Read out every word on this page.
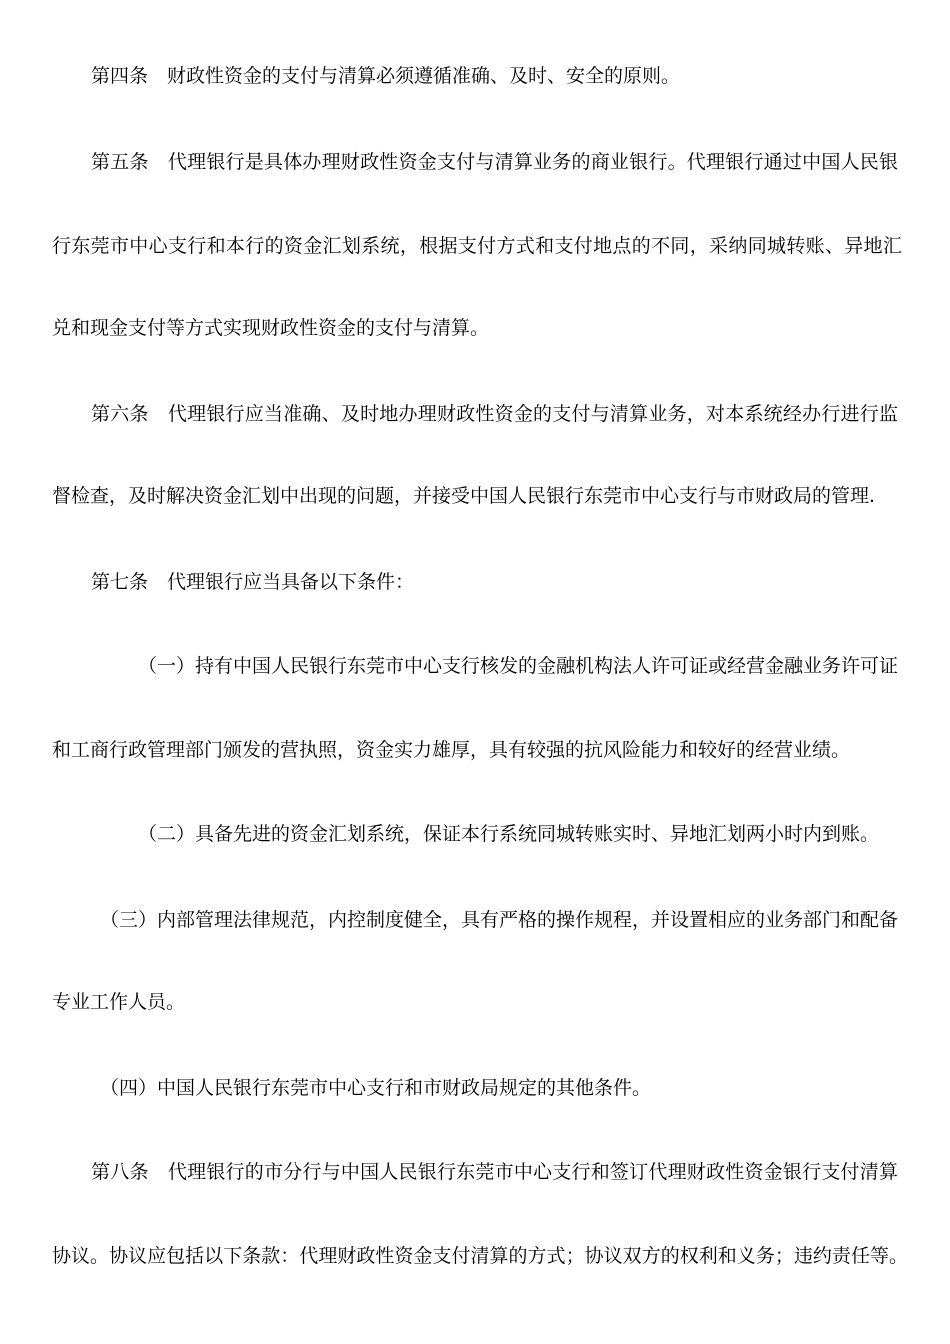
第四条　财政性资金的支付与清算必须遵循准确、及时、安全的原则。
第五条　代理银行是具体办理财政性资金支付与清算业务的商业银行。代理银行通过中国人民银
行东莞市中心支行和本行的资金汇划系统，根据支付方式和支付地点的不同，采纳同城转账、异地汇
兑和现金支付等方式实现财政性资金的支付与清算。
第六条　代理银行应当准确、及时地办理财政性资金的支付与清算业务，对本系统经办行进行监
督检查，及时解决资金汇划中出现的问题，并接受中国人民银行东莞市中心支行与市财政局的管理.
第七条　代理银行应当具备以下条件：
（一）持有中国人民银行东莞市中心支行核发的金融机构法人许可证或经营金融业务许可证
和工商行政管理部门颁发的营执照，资金实力雄厚，具有较强的抗风险能力和较好的经营业绩。
（二）具备先进的资金汇划系统，保证本行系统同城转账实时、异地汇划两小时内到账。
（三）内部管理法律规范，内控制度健全，具有严格的操作规程，并设置相应的业务部门和配备
专业工作人员。
（四）中国人民银行东莞市中心支行和市财政局规定的其他条件。
第八条　代理银行的市分行与中国人民银行东莞市中心支行和签订代理财政性资金银行支付清算
协议。协议应包括以下条款：代理财政性资金支付清算的方式；协议双方的权利和义务；违约责任等。
